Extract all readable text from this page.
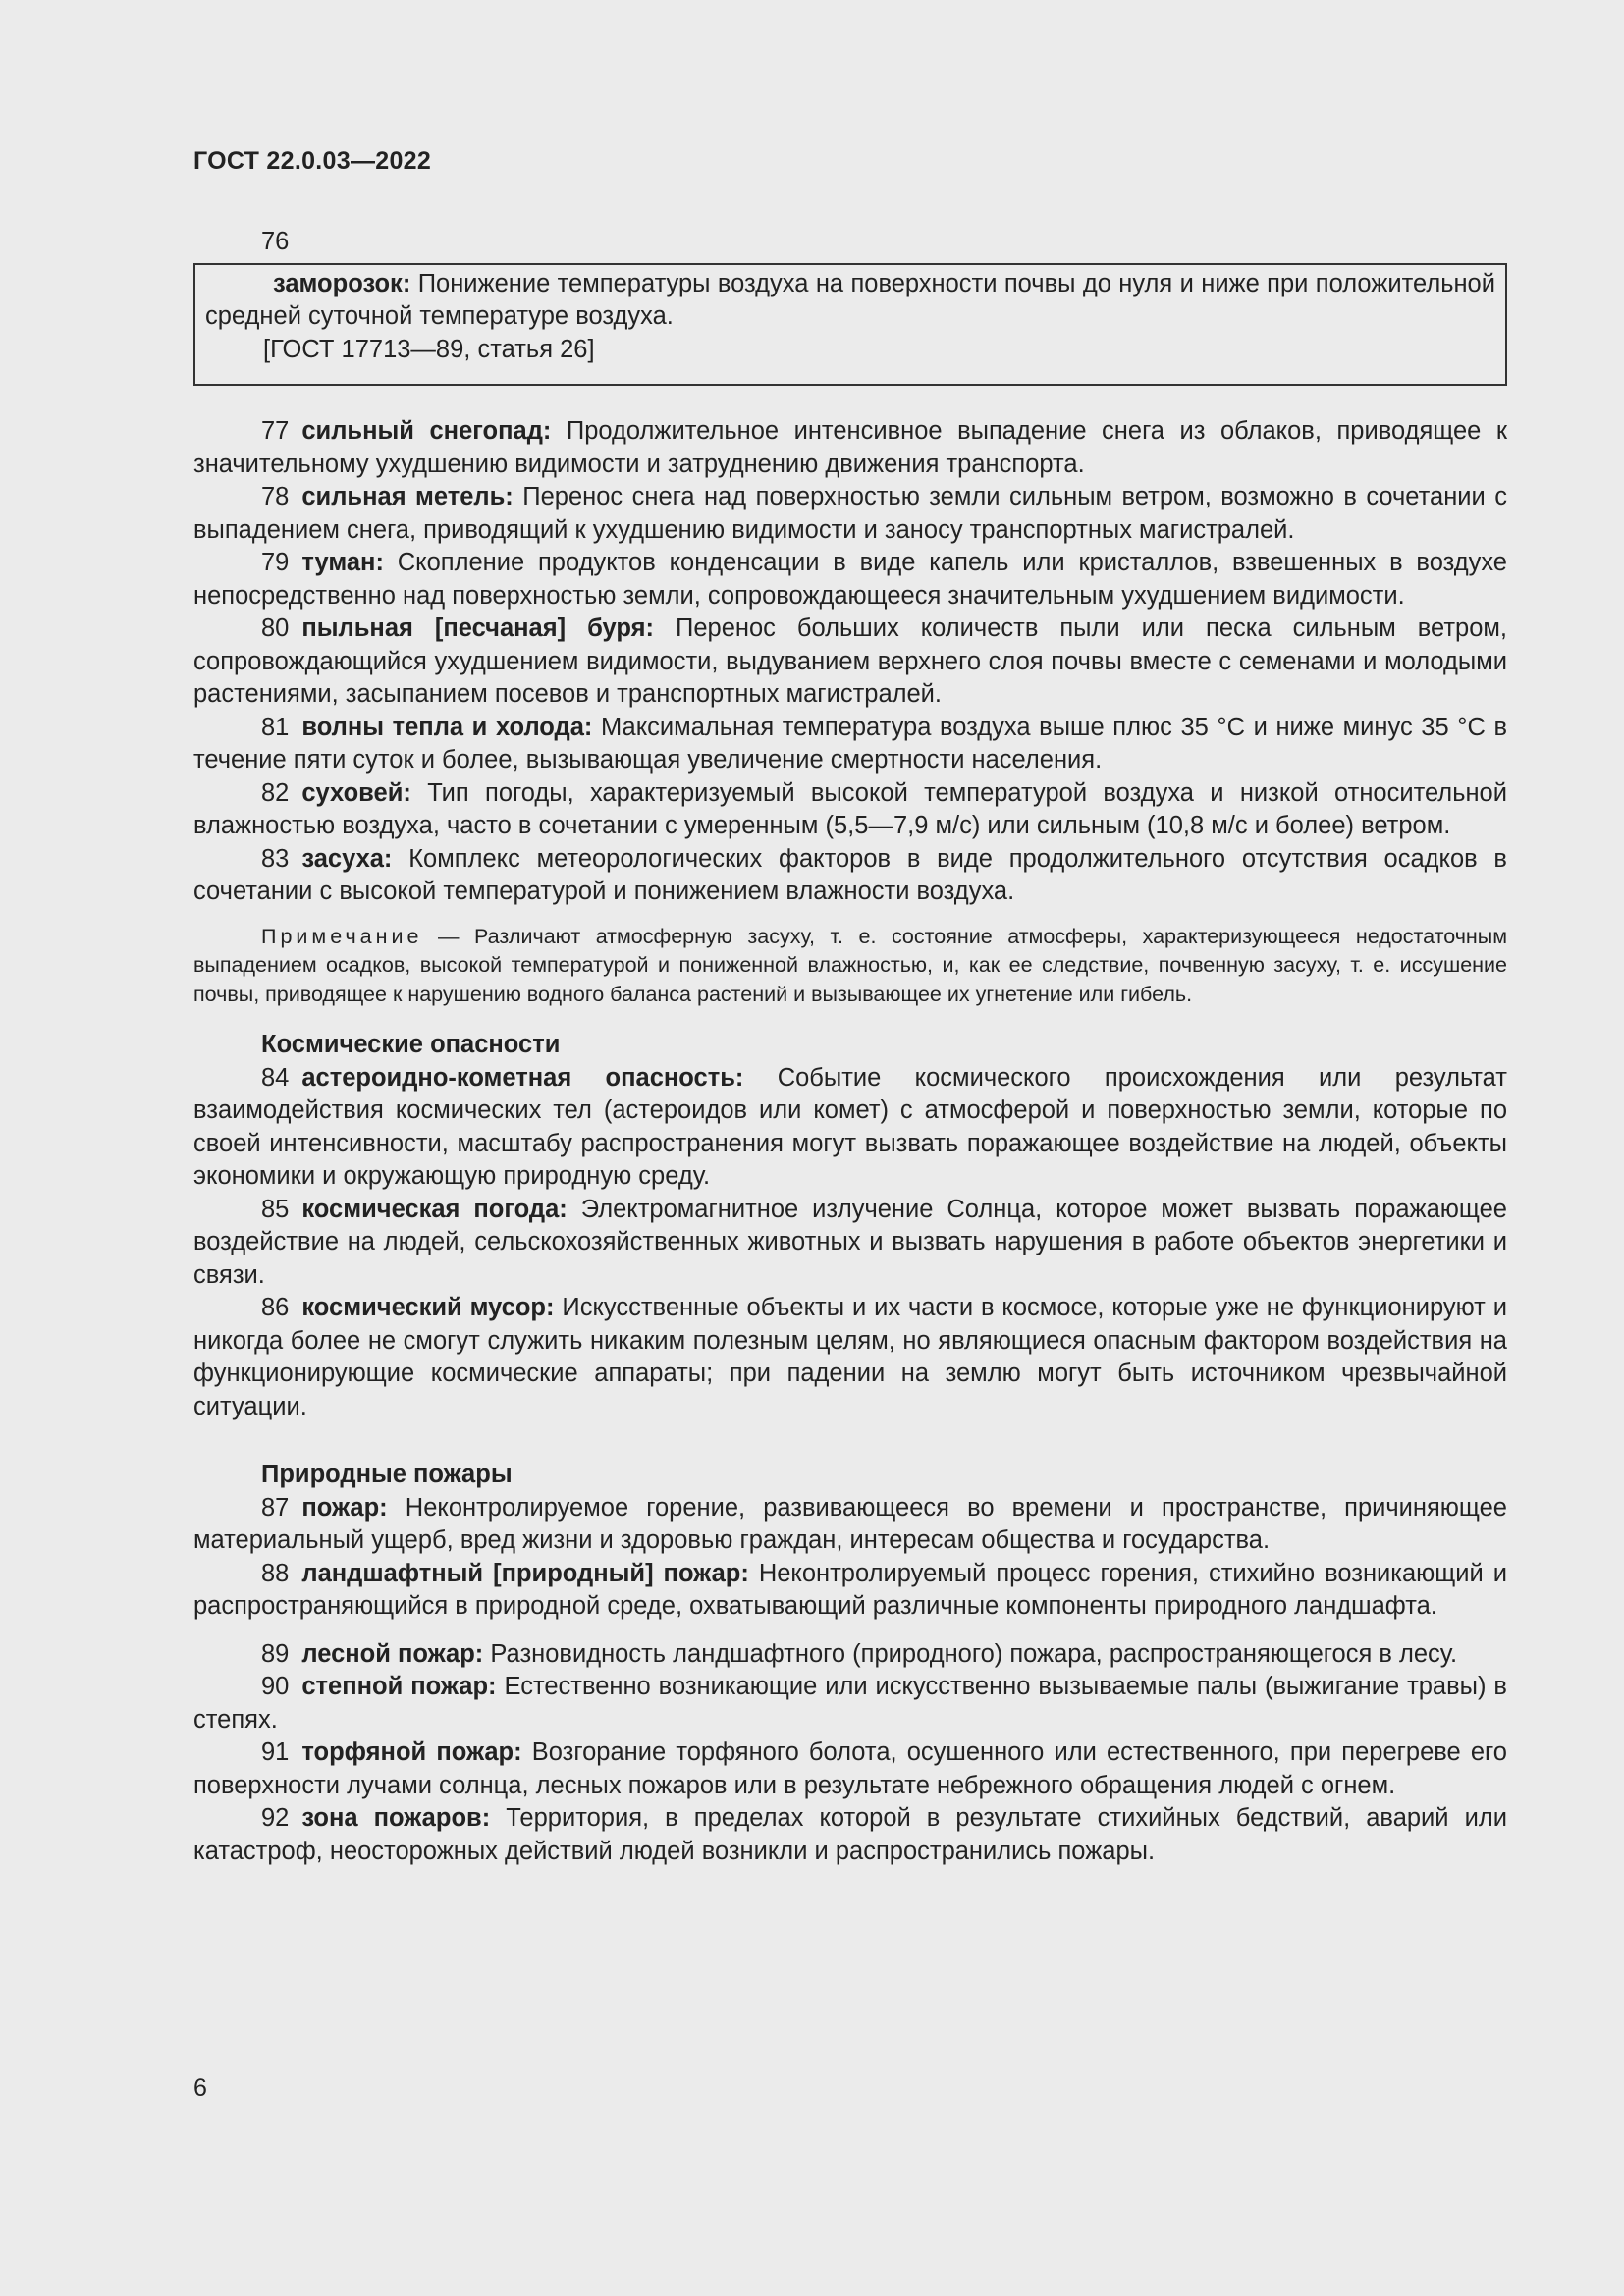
ГОСТ 22.0.03—2022
76

заморозок: Понижение температуры воздуха на поверхности почвы до нуля и ниже при положительной средней суточной температуре воздуха.

[ГОСТ 17713—89, статья 26]

77 сильный снегопад: Продолжительное интенсивное выпадение снега из облаков, приводящее к значительному ухудшению видимости и затруднению движения транспорта.

78 сильная метель: Перенос снега над поверхностью земли сильным ветром, возможно в сочетании с выпадением снега, приводящий к ухудшению видимости и заносу транспортных магистралей.

79 туман: Скопление продуктов конденсации в виде капель или кристаллов, взвешенных в воздухе непосредственно над поверхностью земли, сопровождающееся значительным ухудшением видимости.

80 пыльная [песчаная] буря: Перенос больших количеств пыли или песка сильным ветром, сопровождающийся ухудшением видимости, выдуванием верхнего слоя почвы вместе с семенами и молодыми растениями, засыпанием посевов и транспортных магистралей.

81 волны тепла и холода: Максимальная температура воздуха выше плюс 35 °С и ниже минус 35 °С в течение пяти суток и более, вызывающая увеличение смертности населения.

82 суховей: Тип погоды, характеризуемый высокой температурой воздуха и низкой относительной влажностью воздуха, часто в сочетании с умеренным (5,5—7,9 м/с) или сильным (10,8 м/с и более) ветром.

83 засуха: Комплекс метеорологических факторов в виде продолжительного отсутствия осадков в сочетании с высокой температурой и понижением влажности воздуха.

Примечание — Различают атмосферную засуху, т. е. состояние атмосферы, характеризующееся недостаточным выпадением осадков, высокой температурой и пониженной влажностью, и, как ее следствие, почвенную засуху, т. е. иссушение почвы, приводящее к нарушению водного баланса растений и вызывающее их угнетение или гибель.

Космические опасности

84 астероидно-кометная опасность: Событие космического происхождения или результат взаимодействия космических тел (астероидов или комет) с атмосферой и поверхностью земли, которые по своей интенсивности, масштабу распространения могут вызвать поражающее воздействие на людей, объекты экономики и окружающую природную среду.

85 космическая погода: Электромагнитное излучение Солнца, которое может вызвать поражающее воздействие на людей, сельскохозяйственных животных и вызвать нарушения в работе объектов энергетики и связи.

86 космический мусор: Искусственные объекты и их части в космосе, которые уже не функционируют и никогда более не смогут служить никаким полезным целям, но являющиеся опасным фактором воздействия на функционирующие космические аппараты; при падении на землю могут быть источником чрезвычайной ситуации.

Природные пожары

87 пожар: Неконтролируемое горение, развивающееся во времени и пространстве, причиняющее материальный ущерб, вред жизни и здоровью граждан, интересам общества и государства.

88 ландшафтный [природный] пожар: Неконтролируемый процесс горения, стихийно возникающий и распространяющийся в природной среде, охватывающий различные компоненты природного ландшафта.

89 лесной пожар: Разновидность ландшафтного (природного) пожара, распространяющегося в лесу.

90 степной пожар: Естественно возникающие или искусственно вызываемые палы (выжигание травы) в степях.

91 торфяной пожар: Возгорание торфяного болота, осушенного или естественного, при перегреве его поверхности лучами солнца, лесных пожаров или в результате небрежного обращения людей с огнем.

92 зона пожаров: Территория, в пределах которой в результате стихийных бедствий, аварий или катастроф, неосторожных действий людей возникли и распространились пожары.

6
